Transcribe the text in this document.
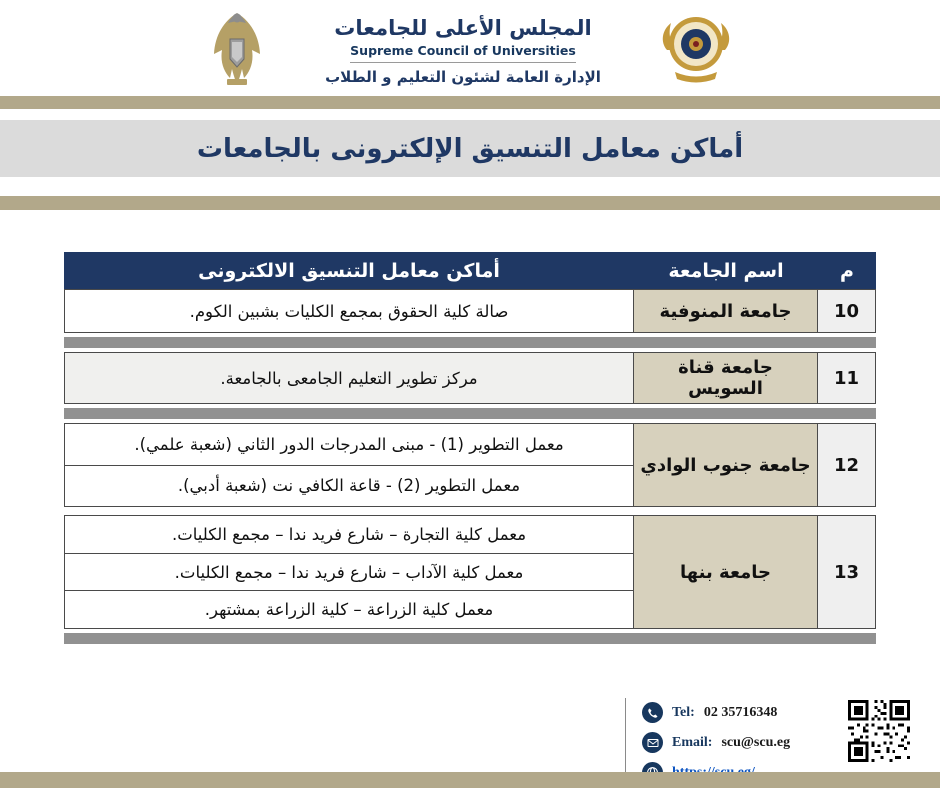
المجلس الأعلى للجامعات
Supreme Council of Universities
الإدارة العامة لشئون التعليم و الطلاب
أماكن معامل التنسيق الإلكترونى بالجامعات
م
اسم الجامعة
أماكن معامل التنسيق الالكترونى
10
جامعة المنوفية
صالة كلية الحقوق بمجمع الكليات بشبين الكوم.
11
جامعة قناة السويس
مركز تطوير التعليم الجامعى بالجامعة.
12
جامعة جنوب الوادي
معمل التطوير (1) - مبنى المدرجات الدور الثاني (شعبة علمي).
معمل التطوير (2) - قاعة الكافي نت (شعبة أدبي).
13
جامعة بنها
معمل كلية التجارة – شارع فريد ندا – مجمع الكليات.
معمل كلية الآداب – شارع فريد ندا – مجمع الكليات.
معمل كلية الزراعة – كلية الزراعة بمشتهر.
Tel: 02 35716348
Email: scu@scu.eg
